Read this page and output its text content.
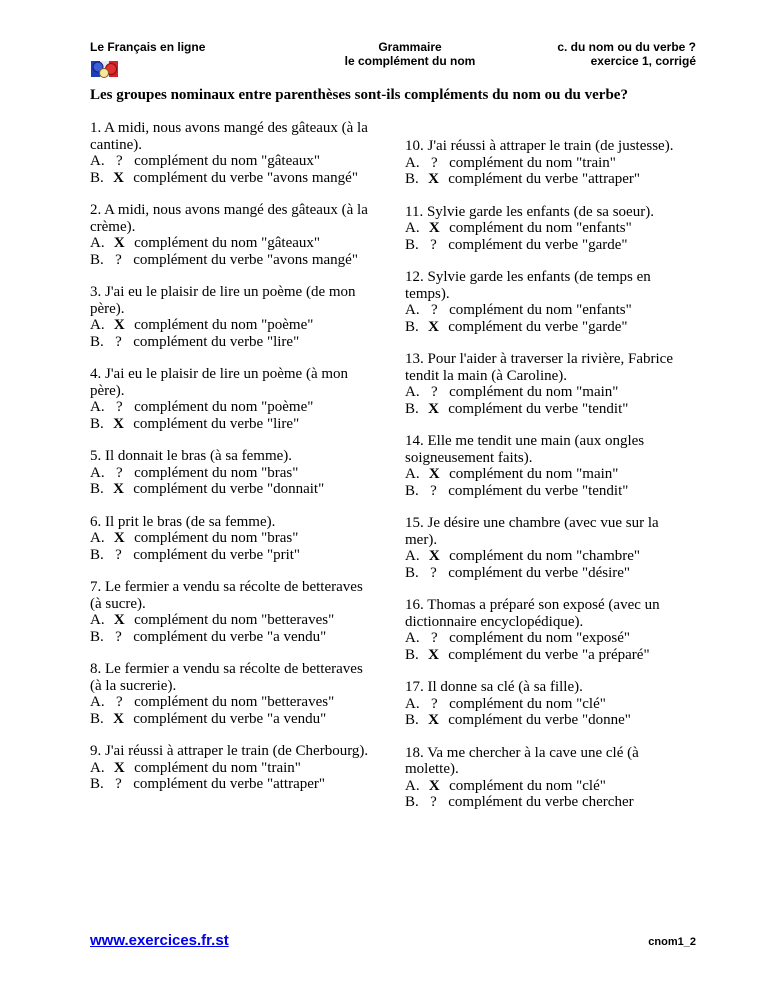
Le Français en ligne	Grammaire
le complément du nom
c. du nom ou du verbe ?
exercice 1, corrigé
Les groupes nominaux entre parenthèses sont-ils compléments du nom ou du verbe?

1. A midi, nous avons mangé des gâteaux (à la cantine).

A. ? complément du nom "gâteaux"

B. X complément du verbe "avons mangé"

2. A midi, nous avons mangé des gâteaux (à la crème).

A. X complément du nom "gâteaux"

B. ? complément du verbe "avons mangé"

3. J'ai eu le plaisir de lire un poème (de mon père).

A. X complément du nom "poème"

B. ? complément du verbe "lire"

4. J'ai eu le plaisir de lire un poème (à mon père).

A. ? complément du nom "poème"

B. X complément du verbe "lire"

5. Il donnait le bras (à sa femme).

A. ? complément du nom "bras"

B. X complément du verbe "donnait"

6. Il prit le bras (de sa femme).

A. X complément du nom "bras"

B. ? complément du verbe "prit"

7. Le fermier a vendu sa récolte de betteraves (à sucre).

A. X complément du nom "betteraves"

B. ? complément du verbe "a vendu"

8. Le fermier a vendu sa récolte de betteraves (à la sucrerie).

A. ? complément du nom "betteraves"

B. X complément du verbe "a vendu"

9. J'ai réussi à attraper le train (de Cherbourg).

A. X complément du nom "train"

B. ? complément du verbe "attraper"

10. J'ai réussi à attraper le train (de justesse).

A. ? complément du nom "train"

B. X complément du verbe "attraper"

11. Sylvie garde les enfants (de sa soeur).

A. X complément du nom "enfants"

B. ? complément du verbe "garde"

12. Sylvie garde les enfants (de temps en temps).

A. ? complément du nom "enfants"

B. X complément du verbe "garde"

13. Pour l'aider à traverser la rivière, Fabrice tendit la main (à Caroline).

A. ? complément du nom "main"

B. X complément du verbe "tendit"

14. Elle me tendit une main (aux ongles soigneusement faits).

A. X complément du nom "main"

B. ? complément du verbe "tendit"

15. Je désire une chambre (avec vue sur la mer).

A. X complément du nom "chambre"

B. ? complément du verbe "désire"

16. Thomas a préparé son exposé (avec un dictionnaire encyclopédique).

A. ? complément du nom "exposé"

B. X complément du verbe "a préparé"

17. Il donne sa clé (à sa fille).

A. ? complément du nom "clé"

B. X complément du verbe "donne"

18. Va me chercher à la cave une clé (à molette).

A. X complément du nom "clé"

B. ? complément du verbe chercher

www.exercices.fr.st	cnom1_2
